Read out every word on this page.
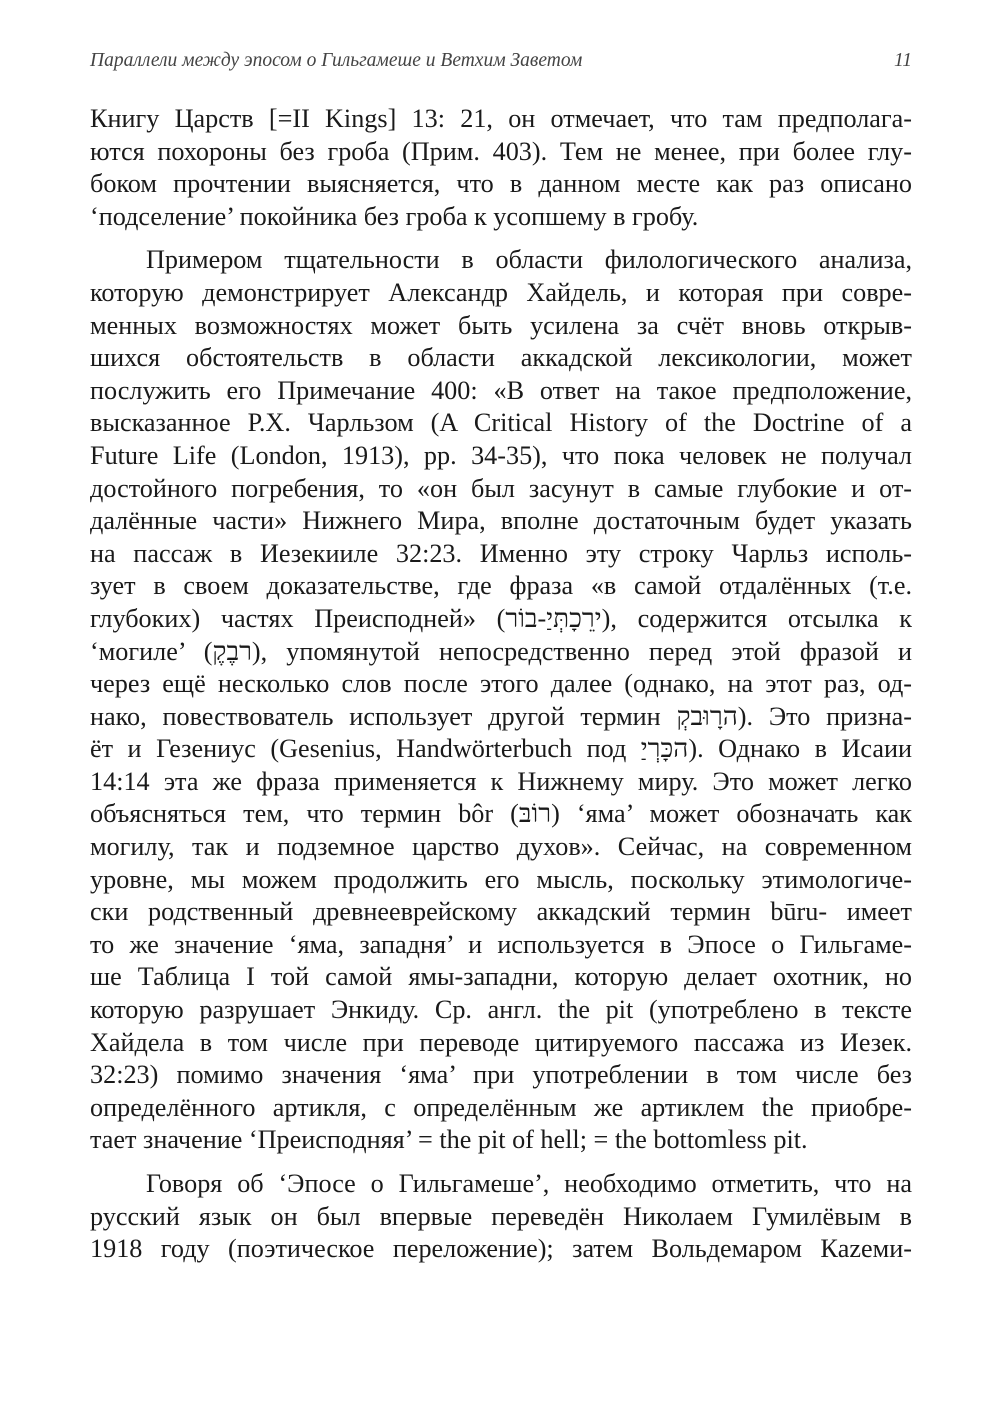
Параллели между эпосом о Гильгамеше и Ветхим Заветом	11
Книгу Царств [=II Kings] 13: 21, он отмечает, что там предполага-
ются похороны без гроба (Прим. 403). Тем не менее, при более глу-
боком прочтении выясняется, что в данном месте как раз описано
‘подселение’ покойника без гроба к усопшему в гробу.
Примером тщательности в области филологического анализа,
которую демонстрирует Александр Хайдель, и которая при совре-
менных возможностях может быть усилена за счёт вновь открыв-
шихся обстоятельств в области аккадской лексикологии, может
послужить его Примечание 400: «В ответ на такое предположение,
высказанное Р.Х. Чарльзом (A Critical History of the Doctrine of a
Future Life (London, 1913), pp. 34-35), что пока человек не получал
достойного погребения, то «он был засунут в самые глубокие и от-
далённые части» Нижнего Мира, вполне достаточным будет указать
на пассаж в Иезекииле 32:23. Именно эту строку Чарльз исполь-
зует в своем доказательстве, где фраза «в самой отдалённых (т.е.
глубоких) частях Преисподней» (‭רוֹב-יַתְּכָרֵי‬), содержится отсылка к
‘могиле’ (‭קֶבֶר‬), упомянутой непосредственно перед этой фразой и
через ещё несколько слов после этого далее (однако, на этот раз, од-
нако, повествователь использует другой термин ‭קְבוּרָה‬). Это призна-
ёт и Гезениус (Gesenius, Handwörterbuch под ‭יַרְכָּה‬). Однако в Исаии
14:14 эта же фраза применяется к Нижнему миру. Это может легко
объясняться тем, что термин bôr (‭בּוֹר‬) ‘яма’ может обозначать как
могилу, так и подземное царство духов». Сейчас, на современном
уровне, мы можем продолжить его мысль, поскольку этимологиче-
ски родственный древнееврейскому аккадский термин būru- имеет
то же значение ‘яма, западня’ и используется в Эпосе о Гильгаме-
ше Таблица I той самой ямы-западни, которую делает охотник, но
которую разрушает Энкиду. Ср. англ. the pit (употреблено в тексте
Хайдела в том числе при переводе цитируемого пассажа из Иезек.
32:23) помимо значения ‘яма’ при употреблении в том числе без
определённого артикля, с определённым же артиклем the приобре-
тает значение ‘Преисподняя’ = the pit of hell; = the bottomless pit.
Говоря об ‘Эпосе о Гильгамеше’, необходимо отметить, что на
русский язык он был впервые переведён Николаем Гумилёвым в
1918 году (поэтическое переложение); затем Вольдемаром Кazеми-
